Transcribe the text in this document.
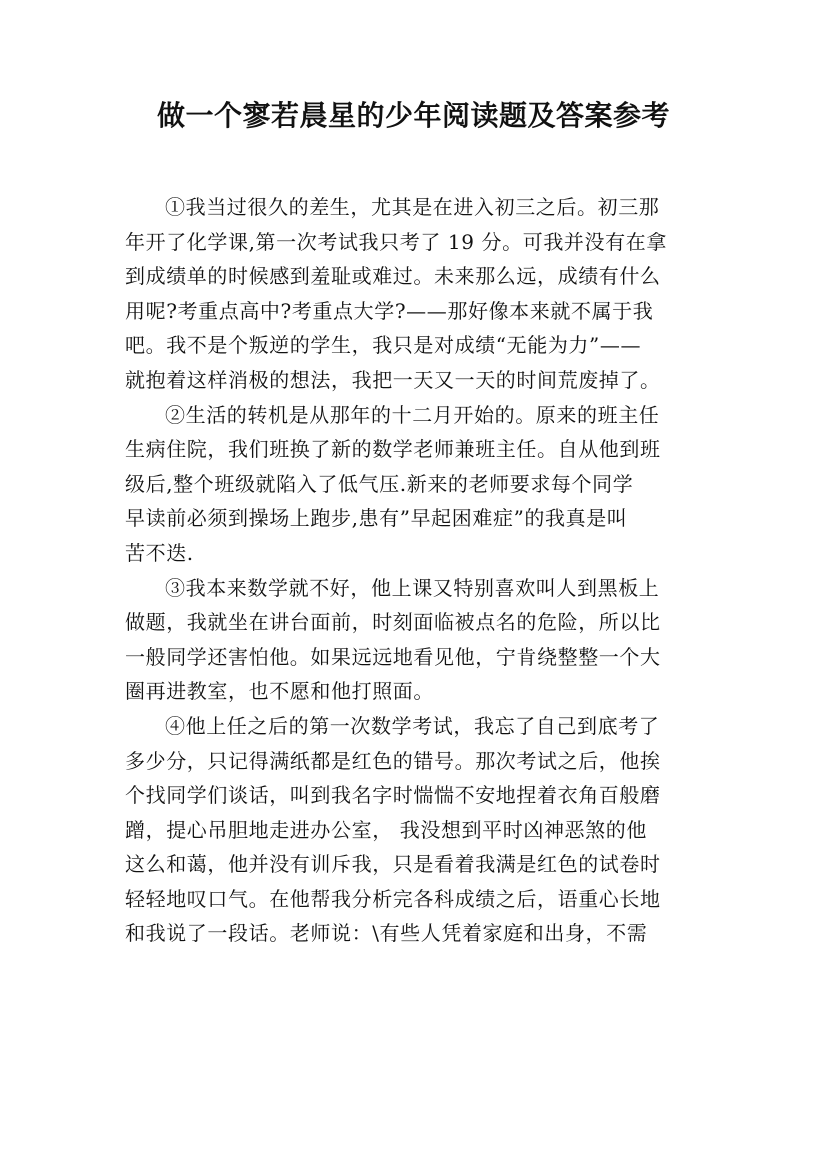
做一个寥若晨星的少年阅读题及答案参考
①我当过很久的差生，尤其是在进入初三之后。初三那
年开了化学课,第一次考试我只考了 19 分。可我并没有在拿
到成绩单的时候感到羞耻或难过。未来那么远，成绩有什么
用呢?考重点高中?考重点大学?——那好像本来就不属于我
吧。我不是个叛逆的学生，我只是对成绩“无能为力”——
就抱着这样消极的想法，我把一天又一天的时间荒废掉了。
②生活的转机是从那年的十二月开始的。原来的班主任
生病住院，我们班换了新的数学老师兼班主任。自从他到班
级后,整个班级就陷入了低气压.新来的老师要求每个同学
早读前必须到操场上跑步,患有”早起困难症”的我真是叫
苦不迭.
③我本来数学就不好，他上课又特别喜欢叫人到黑板上
做题，我就坐在讲台面前，时刻面临被点名的危险，所以比
一般同学还害怕他。如果远远地看见他，宁肯绕整整一个大
圈再进教室，也不愿和他打照面。
④他上任之后的第一次数学考试，我忘了自己到底考了
多少分，只记得满纸都是红色的错号。那次考试之后，他挨
个找同学们谈话，叫到我名字时惴惴不安地捏着衣角百般磨
蹭，提心吊胆地走进办公室， 我没想到平时凶神恶煞的他
这么和蔼，他并没有训斥我，只是看着我满是红色的试卷时
轻轻地叹口气。在他帮我分析完各科成绩之后，语重心长地
和我说了一段话。老师说：\有些人凭着家庭和出身，不需
